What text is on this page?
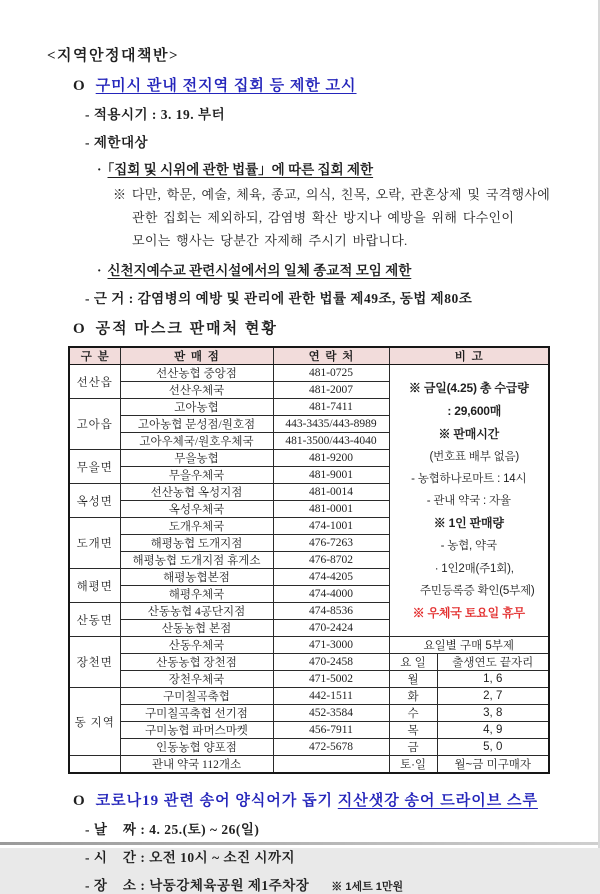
<지역안정대책반>
O 구미시 관내 전지역 집회 등 제한 고시
- 적용시기 : 3. 19. 부터
- 제한대상
· 「집회 및 시위에 관한 법률」에 따른 집회 제한
※ 다만, 학문, 예술, 체육, 종교, 의식, 친목, 오락, 관혼상제 및 국격행사에
관한 집회는 제외하되, 감염병 확산 방지나 예방을 위해 다수인이
모이는 행사는 당분간 자제해 주시기 바랍니다.
· 신천지예수교 관련시설에서의 일체 종교적 모임 제한
- 근 거 : 감염병의 예방 및 관리에 관한 법률 제49조, 동법 제80조
O 공적 마스크 판매처 현황
구  분	판  매  점	연  락  처	비  고	
선산읍	선산농협 중앙점	481-0725	
※ 금일(4.25) 총 수급량
: 29,600매
※ 판매시간
(번호표 배부 없음)
- 농협하나로마트 : 14시
- 관내 약국 : 자율
※ 1인 판매량
- 농협, 약국
· 1인2매(주1회),
주민등록증 확인(5부제)
※ 우체국 토요일 휴무

	선산우체국	481-2007		
고아읍	고아농협	481-7411		
	고아농협 문성점/원호점	443-3435/443-8989		
	고아우체국/원호우체국	481-3500/443-4040		
무을면	무을농협	481-9200		
	무을우체국	481-9001		
옥성면	선산농협 옥성지점	481-0014		
	옥성우체국	481-0001		
도개면	도개우체국	474-1001		
	해평농협 도개지점	476-7263		
	해평농협 도개지점 휴게소	476-8702		
해평면	해평농협본점	474-4205		
	해평우체국	474-4000		
산동면	산동농협 4공단지점	474-8536		
	산동농협 본점	470-2424		
장천면	산동우체국	471-3000	요일별 구매 5부제	
	산동농협 장천점	470-2458	요 일	출생연도 끝자리
	장천우체국	471-5002	월	1, 6
동 지역	구미칠곡축협	442-1511	화	2, 7
	구미칠곡축협 선기점	452-3584	수	3, 8
	구미농협 파머스마켓	456-7911	목	4, 9
	인동농협 양포점	472-5678	금	5, 0
	관내 약국 112개소		토·일	월~금 미구매자
O 코로나19 관련 송어 양식어가 돕기 지산샛강 송어 드라이브 스루
- 날    짜 : 4. 25.(토) ~ 26(일)
- 시    간 : 오전 10시 ~ 소진 시까지
- 장    소 : 낙동강체육공원 제1주차장 ※ 1세트 1만원
